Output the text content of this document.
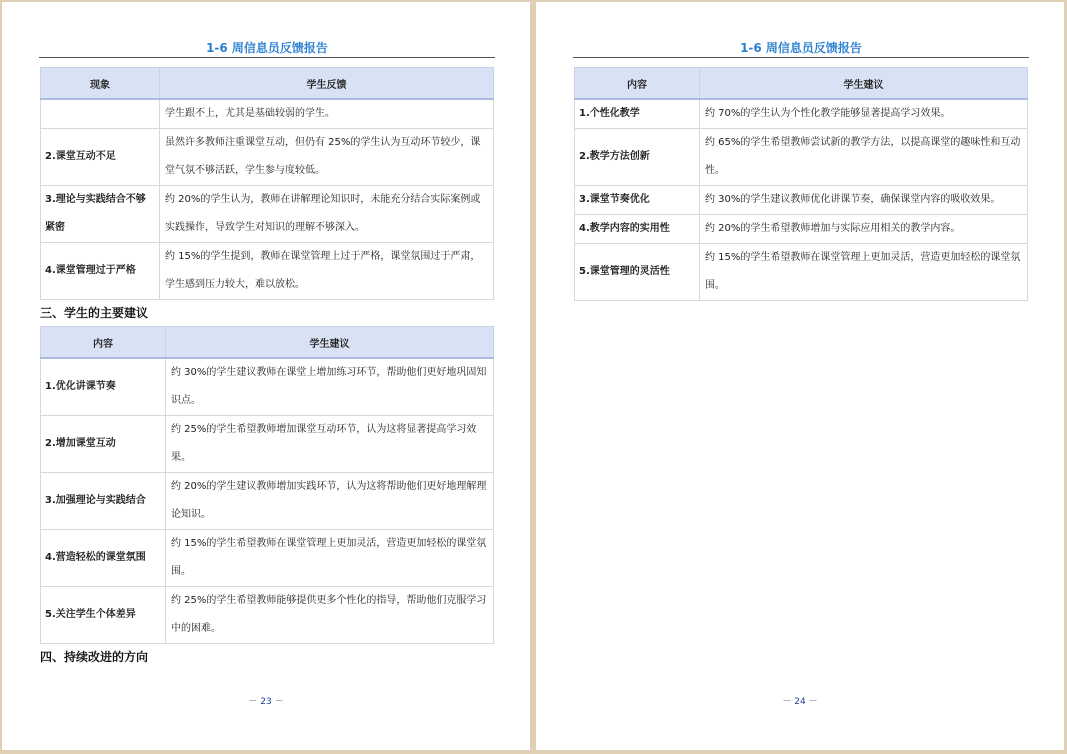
1-6 周信息员反馈报告
现象	学生反馈
	学生跟不上，尤其是基础较弱的学生。
2.课堂互动不足	虽然许多教师注重课堂互动，但仍有 25%的学生认为互动环节较少，课堂气氛不够活跃，学生参与度较低。
3.理论与实践结合不够紧密	约 20%的学生认为，教师在讲解理论知识时，未能充分结合实际案例或实践操作，导致学生对知识的理解不够深入。
4.课堂管理过于严格	约 15%的学生提到，教师在课堂管理上过于严格，课堂氛围过于严肃，学生感到压力较大，难以放松。
三、学生的主要建议
内容	学生建议
1.优化讲课节奏	约 30%的学生建议教师在课堂上增加练习环节，帮助他们更好地巩固知识点。
2.增加课堂互动	约 25%的学生希望教师增加课堂互动环节，认为这将显著提高学习效果。
3.加强理论与实践结合	约 20%的学生建议教师增加实践环节，认为这将帮助他们更好地理解理论知识。
4.营造轻松的课堂氛围	约 15%的学生希望教师在课堂管理上更加灵活，营造更加轻松的课堂氛围。
5.关注学生个体差异	约 25%的学生希望教师能够提供更多个性化的指导，帮助他们克服学习中的困难。
四、持续改进的方向
－ 23 －
1-6 周信息员反馈报告
内容	学生建议
1.个性化教学	约 70%的学生认为个性化教学能够显著提高学习效果。
2.教学方法创新	约 65%的学生希望教师尝试新的教学方法，以提高课堂的趣味性和互动性。
3.课堂节奏优化	约 30%的学生建议教师优化讲课节奏，确保课堂内容的吸收效果。
4.教学内容的实用性	约 20%的学生希望教师增加与实际应用相关的教学内容。
5.课堂管理的灵活性	约 15%的学生希望教师在课堂管理上更加灵活，营造更加轻松的课堂氛围。
－ 24 －
